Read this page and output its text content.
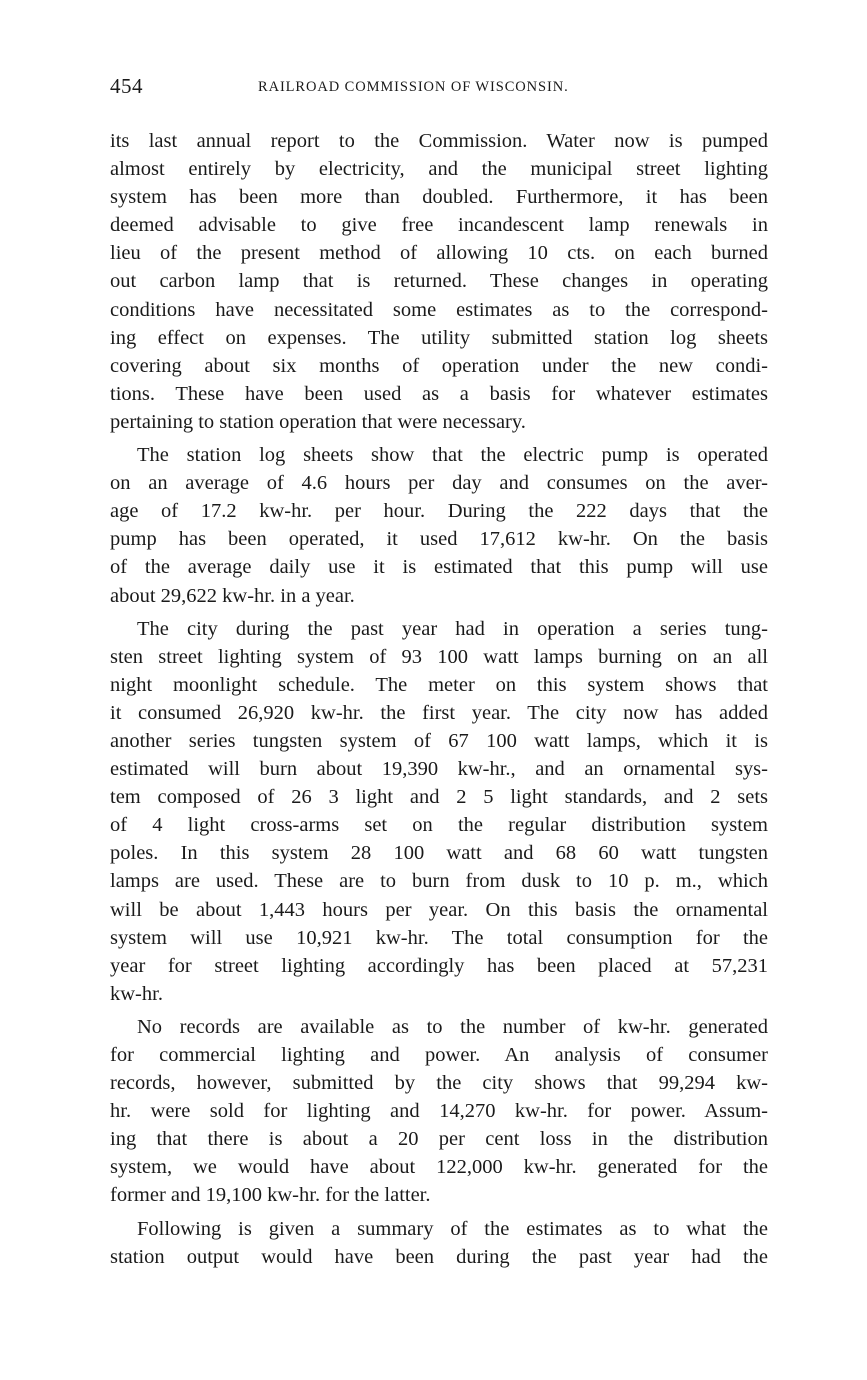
454	RAILROAD COMMISSION OF WISCONSIN.
its last annual report to the Commission. Water now is pumped
almost entirely by electricity, and the municipal street lighting
system has been more than doubled. Furthermore, it has been
deemed advisable to give free incandescent lamp renewals in
lieu of the present method of allowing 10 cts. on each burned
out carbon lamp that is returned. These changes in operating
conditions have necessitated some estimates as to the correspond-
ing effect on expenses. The utility submitted station log sheets
covering about six months of operation under the new condi-
tions. These have been used as a basis for whatever estimates
pertaining to station operation that were necessary.
The station log sheets show that the electric pump is operated
on an average of 4.6 hours per day and consumes on the aver-
age of 17.2 kw-hr. per hour. During the 222 days that the
pump has been operated, it used 17,612 kw-hr. On the basis
of the average daily use it is estimated that this pump will use
about 29,622 kw-hr. in a year.
The city during the past year had in operation a series tung-
sten street lighting system of 93 100 watt lamps burning on an all
night moonlight schedule. The meter on this system shows that
it consumed 26,920 kw-hr. the first year. The city now has added
another series tungsten system of 67 100 watt lamps, which it is
estimated will burn about 19,390 kw-hr., and an ornamental sys-
tem composed of 26 3 light and 2 5 light standards, and 2 sets
of 4 light cross-arms set on the regular distribution system
poles. In this system 28 100 watt and 68 60 watt tungsten
lamps are used. These are to burn from dusk to 10 p. m., which
will be about 1,443 hours per year. On this basis the ornamental
system will use 10,921 kw-hr. The total consumption for the
year for street lighting accordingly has been placed at 57,231
kw-hr.
No records are available as to the number of kw-hr. generated
for commercial lighting and power. An analysis of consumer
records, however, submitted by the city shows that 99,294 kw-
hr. were sold for lighting and 14,270 kw-hr. for power. Assum-
ing that there is about a 20 per cent loss in the distribution
system, we would have about 122,000 kw-hr. generated for the
former and 19,100 kw-hr. for the latter.
Following is given a summary of the estimates as to what the
station output would have been during the past year had the
